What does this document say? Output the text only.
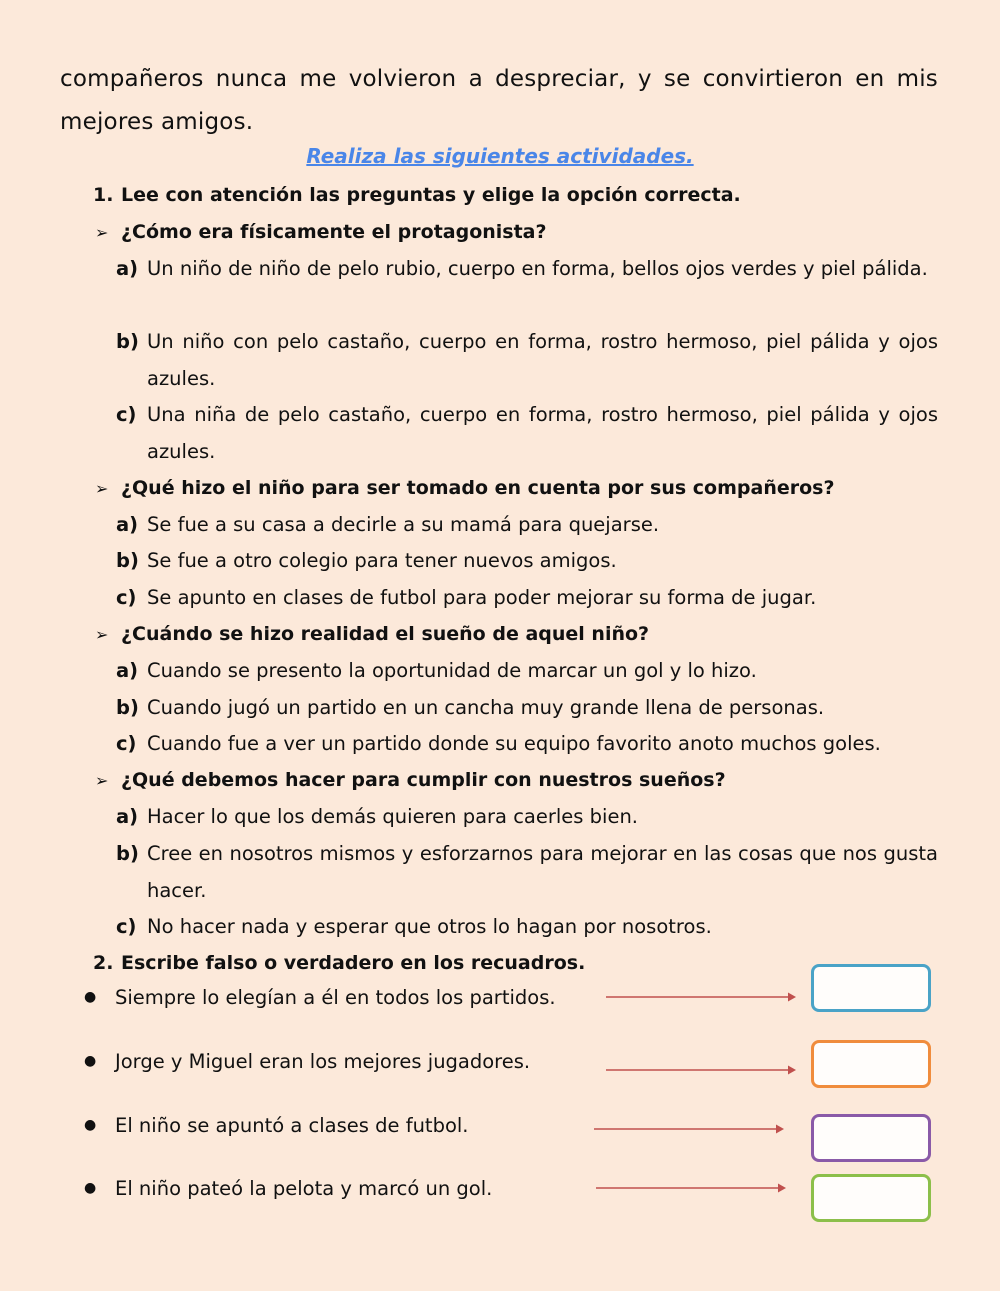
compañeros nunca me volvieron a despreciar, y se convirtieron en mis mejores amigos.
Realiza las siguientes actividades.
1. Lee con atención las preguntas y elige la opción correcta.
➢ ¿Cómo era físicamente el protagonista?
a) Un niño de niño de pelo rubio, cuerpo en forma, bellos ojos verdes y piel pálida.
b) Un niño con pelo castaño, cuerpo en forma, rostro hermoso, piel pálida y ojos azules.
c) Una niña de pelo castaño, cuerpo en forma, rostro hermoso, piel pálida y ojos azules.
➢ ¿Qué hizo el niño para ser tomado en cuenta por sus compañeros?
a) Se fue a su casa a decirle a su mamá para quejarse.
b) Se fue a otro colegio para tener nuevos amigos.
c) Se apunto en clases de futbol para poder mejorar su forma de jugar.
➢ ¿Cuándo se hizo realidad el sueño de aquel niño?
a) Cuando se presento la oportunidad de marcar un gol y lo hizo.
b) Cuando jugó un partido en un cancha muy grande llena de personas.
c) Cuando fue a ver un partido donde su equipo favorito anoto muchos goles.
➢ ¿Qué debemos hacer para cumplir con nuestros sueños?
a) Hacer lo que los demás quieren para caerles bien.
b) Cree en nosotros mismos y esforzarnos para mejorar en las cosas que nos gusta hacer.
c) No hacer nada y esperar que otros lo hagan por nosotros.
2. Escribe falso o verdadero en los recuadros.
● Siempre lo elegían a él en todos los partidos.
● Jorge y Miguel eran los mejores jugadores.
● El niño se apuntó a clases de futbol.
● El niño pateó la pelota y marcó un gol.
